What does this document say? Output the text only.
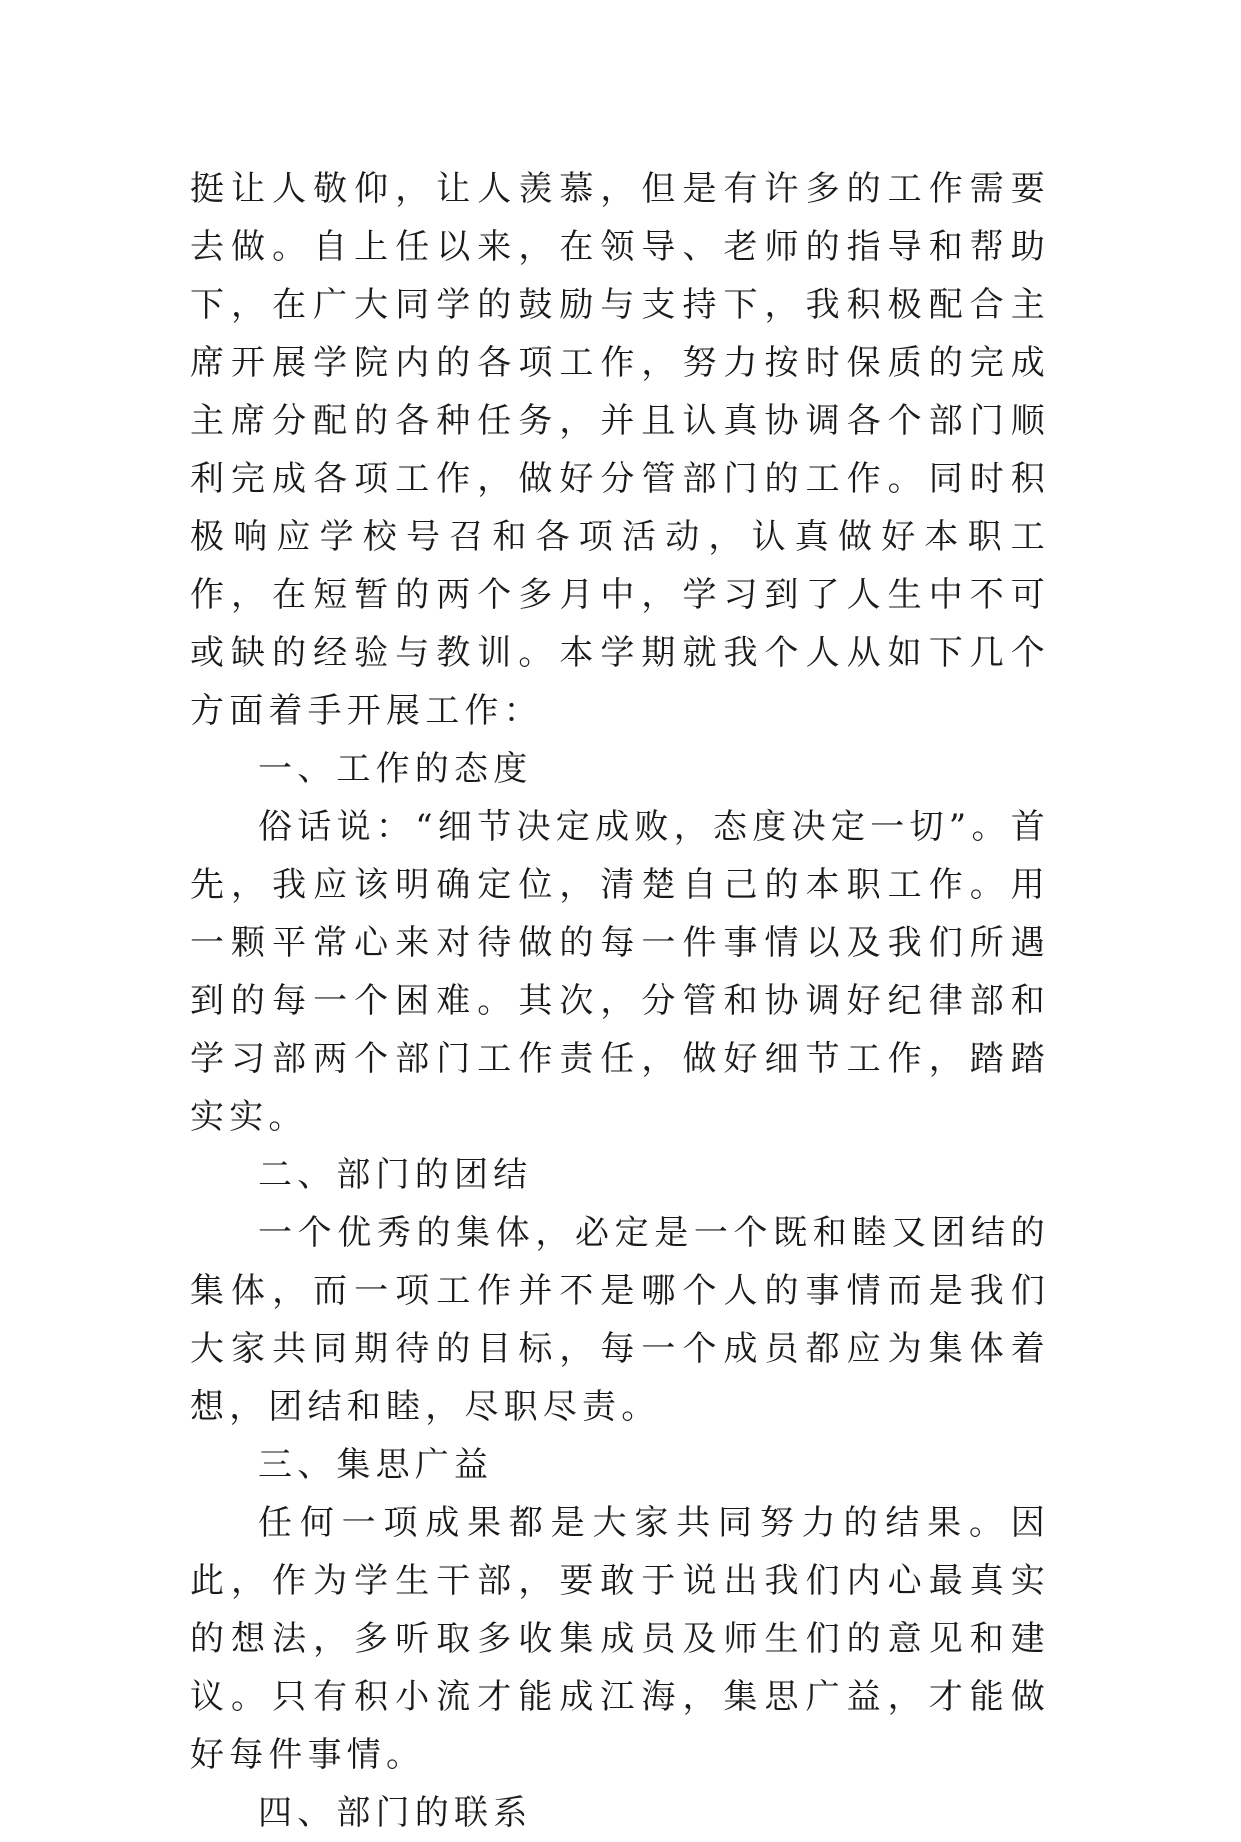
挺让人敬仰，让人羡慕，但是有许多的工作需要去做。自上任以来，在领导、老师的指导和帮助下，在广大同学的鼓励与支持下，我积极配合主席开展学院内的各项工作，努力按时保质的完成主席分配的各种任务，并且认真协调各个部门顺利完成各项工作，做好分管部门的工作。同时积极响应学校号召和各项活动，认真做好本职工作，在短暂的两个多月中，学习到了人生中不可或缺的经验与教训。本学期就我个人从如下几个方面着手开展工作：

一、工作的态度

俗话说：“细节决定成败，态度决定一切”。首先，我应该明确定位，清楚自己的本职工作。用一颗平常心来对待做的每一件事情以及我们所遇到的每一个困难。其次，分管和协调好纪律部和学习部两个部门工作责任，做好细节工作，踏踏实实。

二、部门的团结

一个优秀的集体，必定是一个既和睦又团结的集体，而一项工作并不是哪个人的事情而是我们大家共同期待的目标，每一个成员都应为集体着想，团结和睦，尽职尽责。

三、集思广益

任何一项成果都是大家共同努力的结果。因此，作为学生干部，要敢于说出我们内心最真实的想法，多听取多收集成员及师生们的意见和建议。只有积小流才能成江海，集思广益，才能做好每件事情。

四、部门的联系
